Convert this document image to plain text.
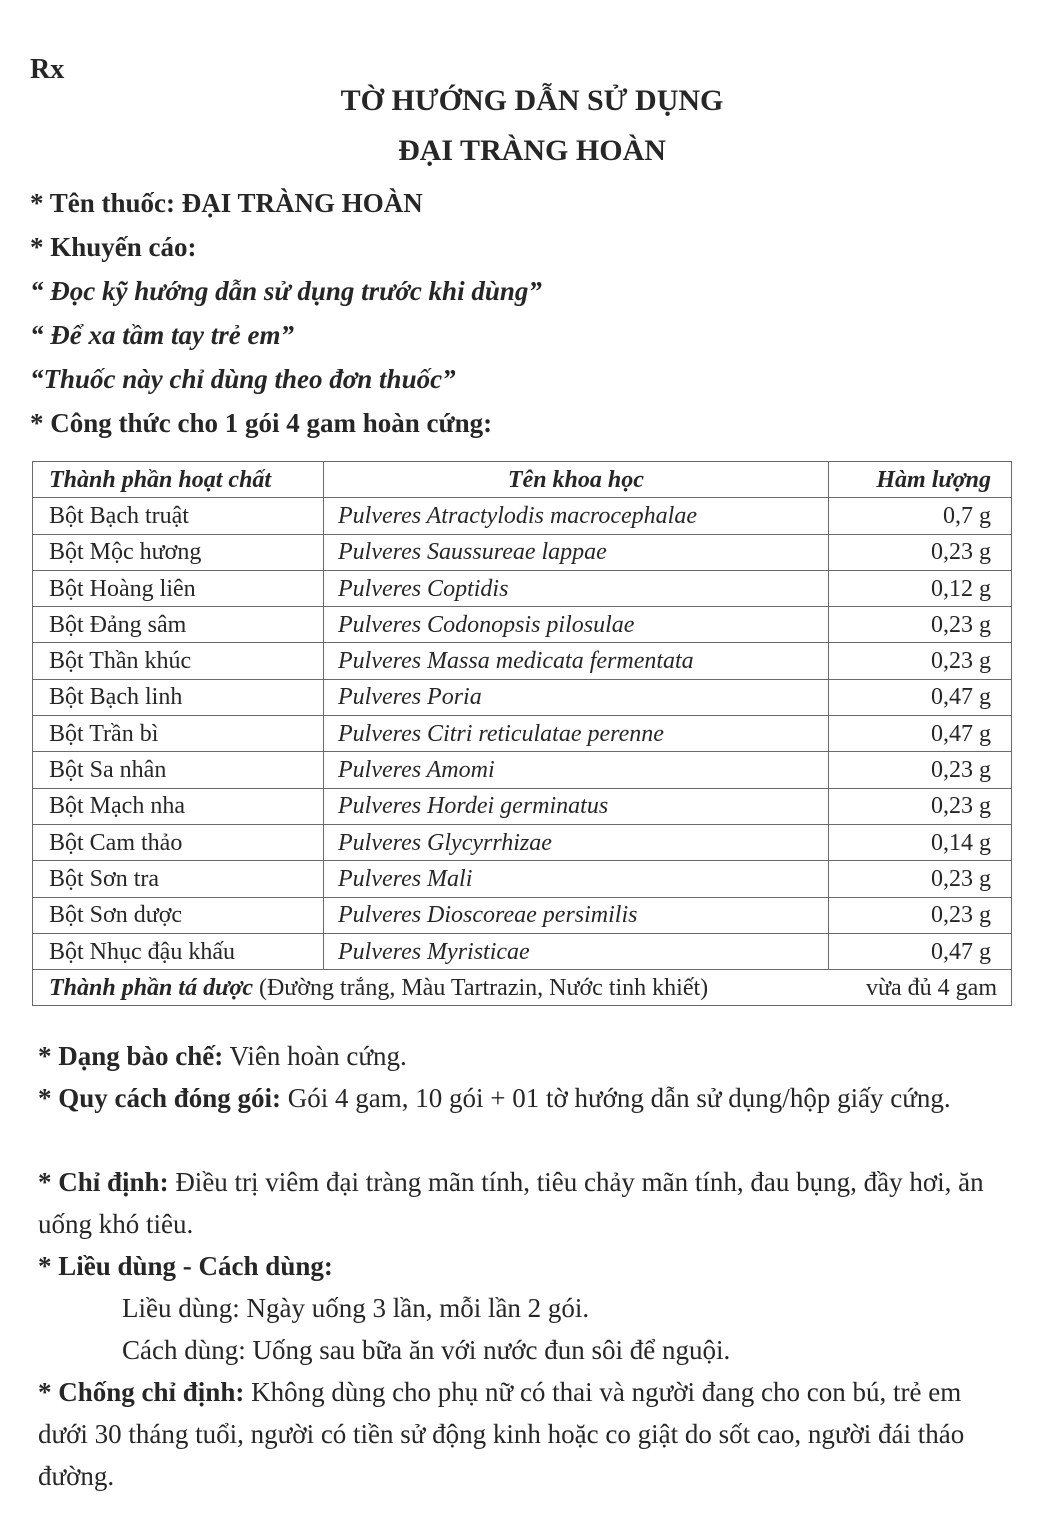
Rx
TỜ HƯỚNG DẪN SỬ DỤNG
ĐẠI TRÀNG HOÀN
* Tên thuốc: ĐẠI TRÀNG HOÀN
* Khuyến cáo:
“ Đọc kỹ hướng dẫn sử dụng trước khi dùng”
“ Để xa tầm tay trẻ em”
“Thuốc này chỉ dùng theo đơn thuốc”
* Công thức cho 1 gói 4 gam hoàn cứng:
Thành phần hoạt chất	Tên khoa học	Hàm lượng
Bột Bạch truật	Pulveres Atractylodis macrocephalae	0,7 g
Bột Mộc hương	Pulveres Saussureae lappae	0,23 g
Bột Hoàng liên	Pulveres Coptidis	0,12 g
Bột Đảng sâm	Pulveres Codonopsis pilosulae	0,23 g
Bột Thần khúc	Pulveres Massa medicata fermentata	0,23 g
Bột Bạch linh	Pulveres Poria	0,47 g
Bột Trần bì	Pulveres Citri reticulatae perenne	0,47 g
Bột Sa nhân	Pulveres Amomi	0,23 g
Bột Mạch nha	Pulveres Hordei germinatus	0,23 g
Bột Cam thảo	Pulveres Glycyrrhizae	0,14 g
Bột Sơn tra	Pulveres Mali	0,23 g
Bột Sơn dược	Pulveres Dioscoreae persimilis	0,23 g
Bột Nhục đậu khấu	Pulveres Myristicae	0,47 g
Thành phần tá dược (Đường trắng, Màu Tartrazin, Nước tinh khiết) vừa đủ 4 gam		
* Dạng bào chế: Viên hoàn cứng.
* Quy cách đóng gói: Gói 4 gam, 10 gói + 01 tờ hướng dẫn sử dụng/hộp giấy cứng.
* Chỉ định: Điều trị viêm đại tràng mãn tính, tiêu chảy mãn tính, đau bụng, đầy hơi, ăn uống khó tiêu.
* Liều dùng - Cách dùng:
Liều dùng: Ngày uống 3 lần, mỗi lần 2 gói.
Cách dùng: Uống sau bữa ăn với nước đun sôi để nguội.
* Chống chỉ định: Không dùng cho phụ nữ có thai và người đang cho con bú, trẻ em dưới 30 tháng tuổi, người có tiền sử động kinh hoặc co giật do sốt cao, người đái tháo đường.
